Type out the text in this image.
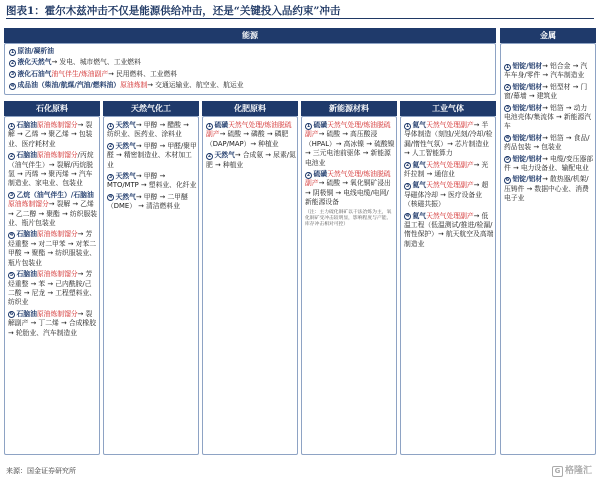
图表1：霍尔木兹冲击不仅是能源供给冲击，还是“关键投入品约束”冲击
能源
1 原油/凝析油
2 液化天然气→ 发电、城市燃气、工业燃料
3 液化石油气油气伴生/炼油副产→ 民用燃料、工业燃料
4 成品油（柴油/航煤/汽油/燃料油）原油炼制→ 交通运输业、航空业、航运业
金属
1 铝锭/铝材→ 铝合金 → 汽车车身/零件 → 汽车制造业
2 铝锭/铝材→ 铝型材 → 门窗/幕墙 → 建筑业
3 铝锭/铝材→ 铝箔 → 动力电池壳体/集流体 → 新能源汽车
4 铝锭/铝材→ 铝箔 → 食品/药品包装 → 包装业
5 铝锭/铝材→ 电缆/变压器部件 → 电力设备业、输配电业
6 铝锭/铝材→ 散热器/机架/压铸件 → 数据中心业、消费电子业
石化原料
1 石脑油原油炼制馏分→ 裂解 → 乙烯 → 聚乙烯 → 包装业、医疗耗材业
2 石脑油原油炼制馏分/丙烷（油气伴生）→ 裂解/丙烷脱氢 → 丙烯 → 聚丙烯 → 汽车制造业、家电业、包装业
3 乙烷（油气伴生）/石脑油原油炼制馏分→ 裂解 → 乙烯 → 乙二醇 → 聚酯 → 纺织服装业、瓶片包装业
4 石脑油原油炼制馏分→ 芳烃重整 → 对二甲苯 → 对苯二甲酸 → 聚酯 → 纺织服装业、瓶片包装业
5 石脑油原油炼制馏分→ 芳烃重整 → 苯 → 己内酰胺/己二酸 → 尼龙 → 工程塑料业、纺织业
6 石脑油原油炼制馏分→ 裂解副产 → 丁二烯 → 合成橡胶 → 轮胎业、汽车制造业
天然气化工
1 天然气→ 甲醇 → 醋酸 → 纺织业、医药业、涂料业
2 天然气→ 甲醇 → 甲醛/聚甲醛 → 精密制造业、木材加工业
3 天然气→ 甲醇 → MTO/MTP → 塑料业、化纤业
4 天然气→ 甲醇 → 二甲醚（DME） → 清洁燃料业
化肥原料
1 硫磺天然气处理/炼油脱硫副产→ 硫酸 → 磷酸 → 磷肥（DAP/MAP）→ 种植业
2 天然气→ 合成氨 → 尿素/氮肥 → 种植业
新能源材料
1 硫磺天然气处理/炼油脱硫副产→ 硫酸 → 高压酸浸（HPAL）→ 高冰镍 → 硫酸镍 → 三元电池前驱体 → 新能源电池业
2 硫磺天然气处理/炼油脱硫副产→ 硫酸 → 氧化铜矿浸出 → 阴极铜 → 电线电缆/电网/新能源设备
（注：主力硫化铜矿以干法冶炼为主，氧化铜矿受冲击较明显，影响程度与产能、库存冲击相对可控）
工业气体
1 氦气天然气处理副产→ 半导体制造（刻蚀/光刻/冷却/检漏/惰性气氛）→ 芯片制造业 → 人工智能算力
2 氦气天然气处理副产→ 光纤拉制 → 通信业
3 氦气天然气处理副产→ 超导磁体冷却 → 医疗设备业（核磁共振）
4 氦气天然气处理副产→ 低温工程（低温测试/推进/检漏/惰性保护）→ 航天航空及高端制造业
来源：国金证券研究所	G 格隆汇
